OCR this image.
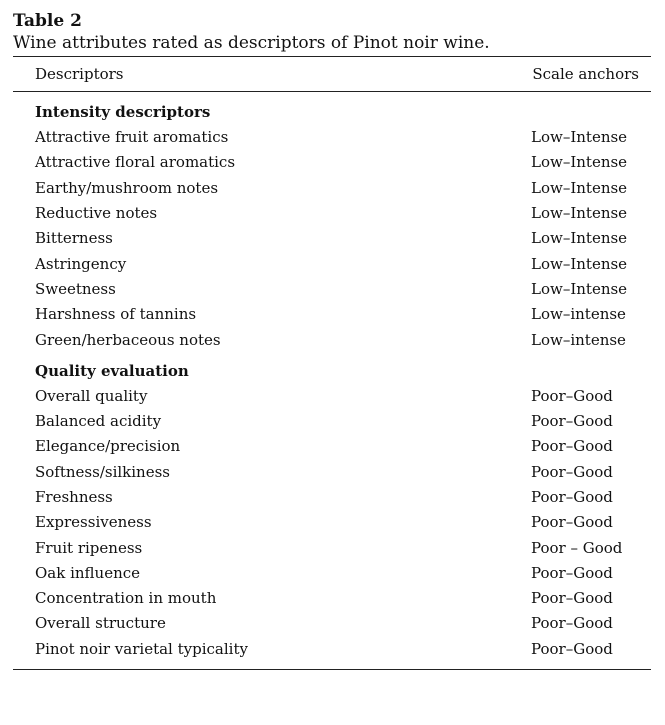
Table 2
Wine attributes rated as descriptors of Pinot noir wine.
Descriptors	Scale anchors
Intensity descriptors
Attractive fruit aromatics	Low–Intense
Attractive floral aromatics	Low–Intense
Earthy/mushroom notes	Low–Intense
Reductive notes	Low–Intense
Bitterness	Low–Intense
Astringency	Low–Intense
Sweetness	Low–Intense
Harshness of tannins	Low–intense
Green/herbaceous notes	Low–intense
Quality evaluation
Overall quality	Poor–Good
Balanced acidity	Poor–Good
Elegance/precision	Poor–Good
Softness/silkiness	Poor–Good
Freshness	Poor–Good
Expressiveness	Poor–Good
Fruit ripeness	Poor – Good
Oak influence	Poor–Good
Concentration in mouth	Poor–Good
Overall structure	Poor–Good
Pinot noir varietal typicality	Poor–Good
